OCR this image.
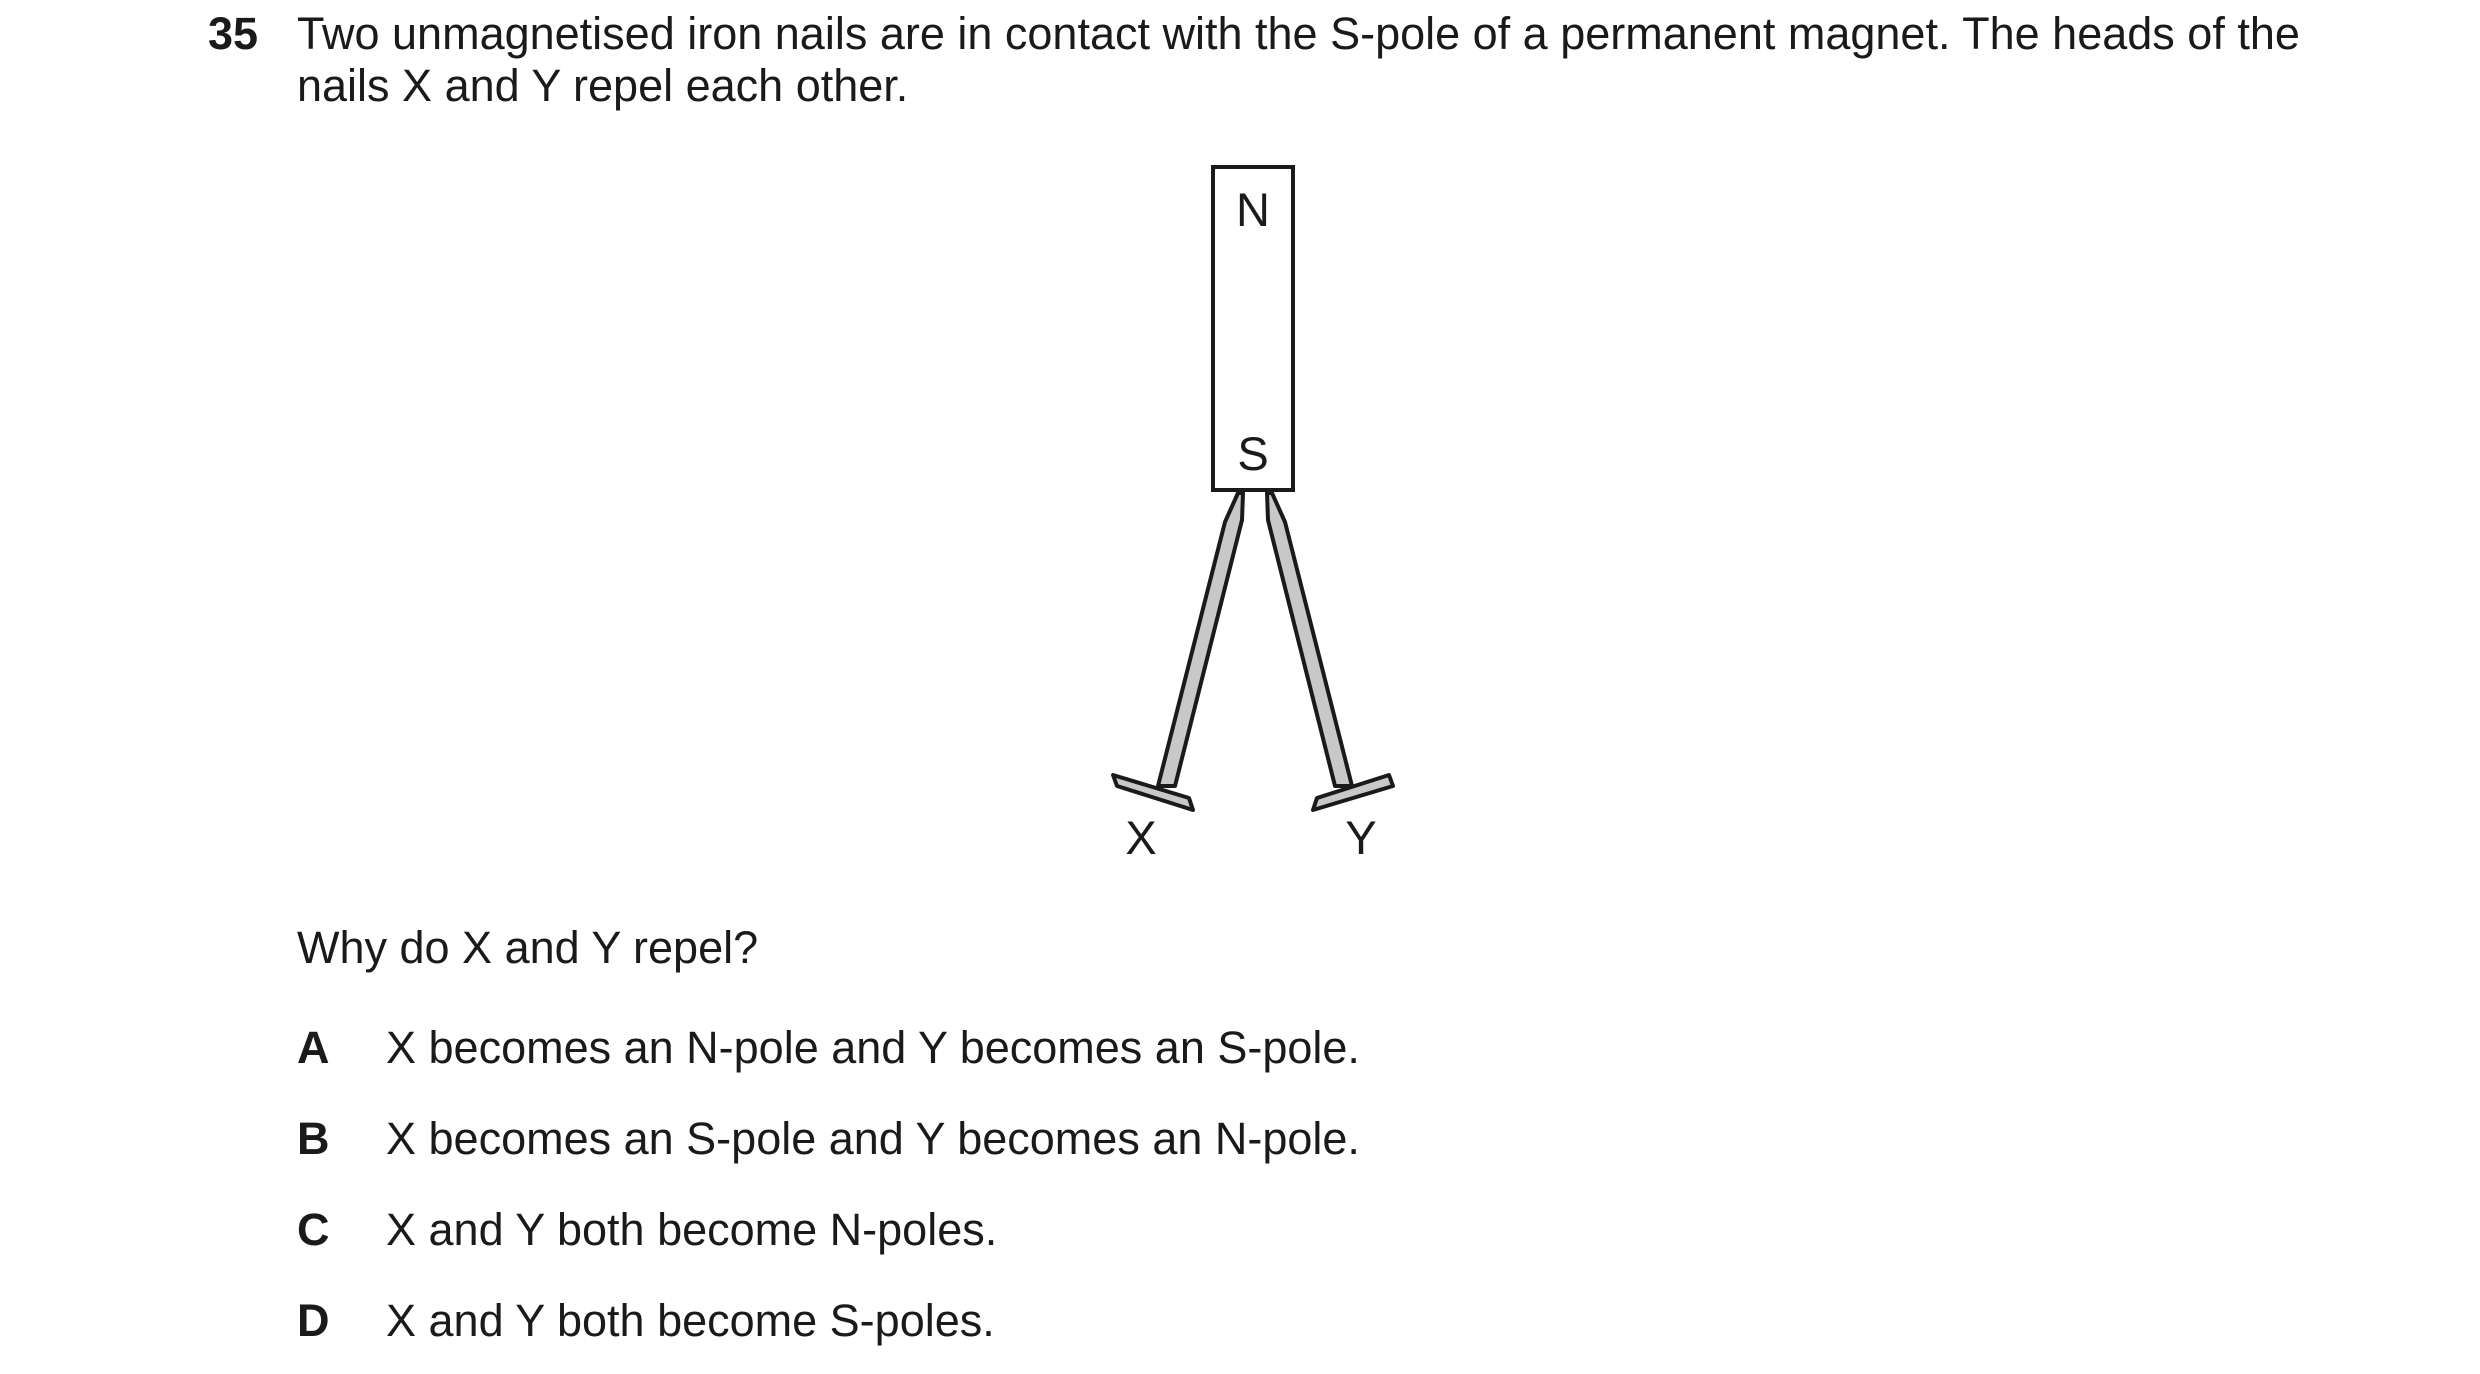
35 Two unmagnetised iron nails are in contact with the S-pole of a permanent magnet. The heads of the nails X and Y repel each other.
N
S
X	Y
Why do X and Y repel?
A X becomes an N-pole and Y becomes an S-pole.
B X becomes an S-pole and Y becomes an N-pole.
C X and Y both become N-poles.
D X and Y both become S-poles.
